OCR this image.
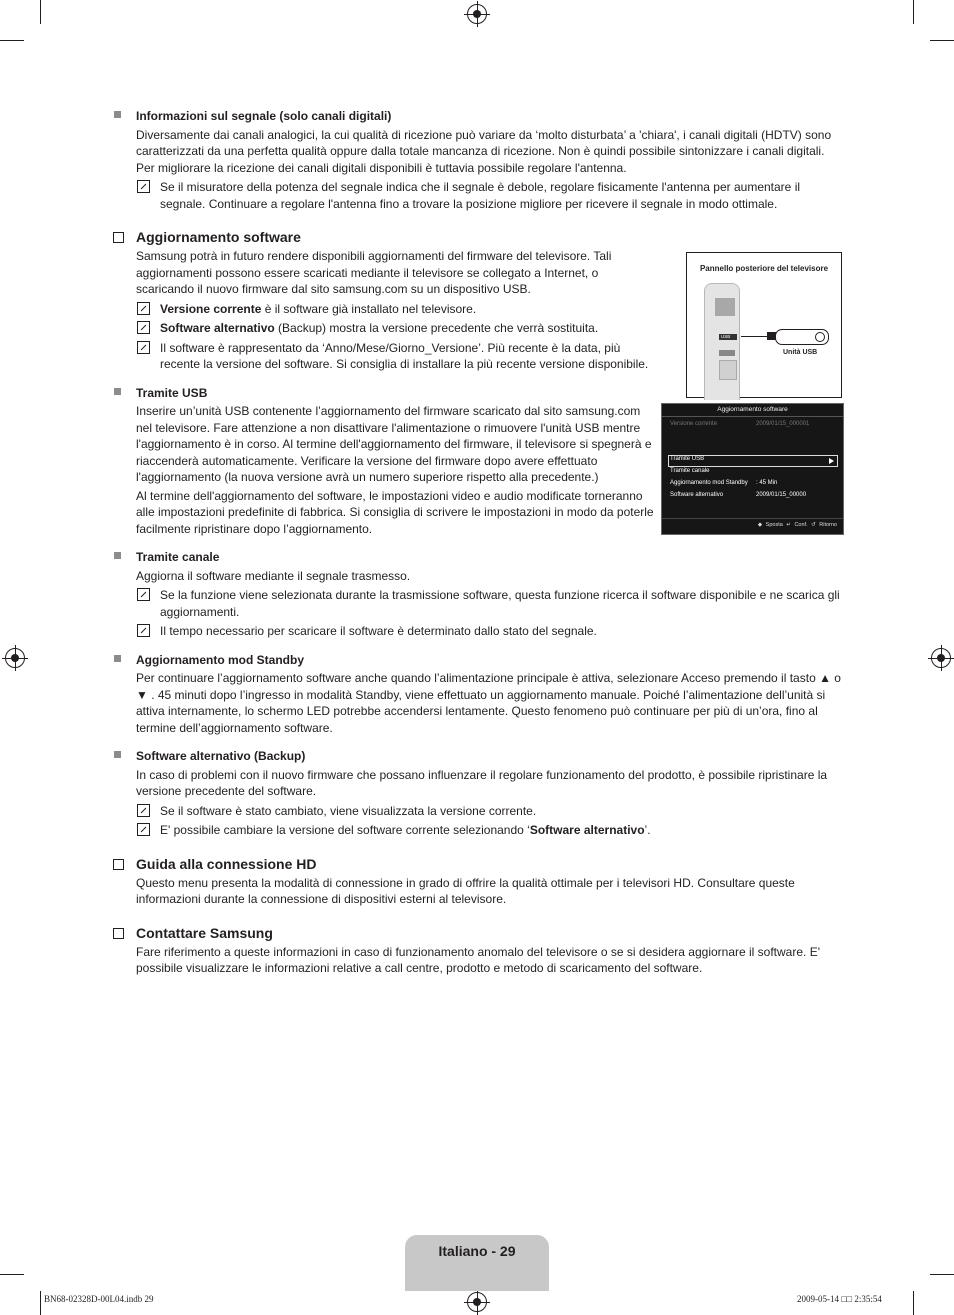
Informazioni sul segnale (solo canali digitali)
Diversamente dai canali analogici, la cui qualità di ricezione può variare da ‘molto disturbata’ a 'chiara', i canali digitali (HDTV) sono caratterizzati da una perfetta qualità oppure dalla totale mancanza di ricezione. Non è quindi possibile sintonizzare i canali digitali. Per migliorare la ricezione dei canali digitali disponibili è tuttavia possibile regolare l'antenna.
Se il misuratore della potenza del segnale indica che il segnale è debole, regolare fisicamente l'antenna per aumentare il segnale. Continuare a regolare l'antenna fino a trovare la posizione migliore per ricevere il segnale in modo ottimale.
Aggiornamento software
Samsung potrà in futuro rendere disponibili aggiornamenti del firmware del televisore. Tali aggiornamenti possono essere scaricati mediante il televisore se collegato a Internet, o scaricando il nuovo firmware dal sito samsung.com su un dispositivo USB.
Versione corrente è il software già installato nel televisore.
Software alternativo (Backup) mostra la versione precedente che verrà sostituita.
Il software è rappresentato da ‘Anno/Mese/Giorno_Versione’. Più recente è la data, più recente la versione del software. Si consiglia di installare la più recente versione disponibile.
Tramite USB
Inserire un’unità USB contenente l’aggiornamento del firmware scaricato dal sito samsung.com nel televisore. Fare attenzione a non disattivare l'alimentazione o rimuovere l'unità USB mentre l'aggiornamento è in corso. Al termine dell'aggiornamento del firmware, il televisore si spegnerà e riaccenderà automaticamente. Verificare la versione del firmware dopo avere effettuato l'aggiornamento (la nuova versione avrà un numero superiore rispetto alla precedente.)
Al termine dell'aggiornamento del software, le impostazioni video e audio modificate torneranno alle impostazioni predefinite di fabbrica. Si consiglia di scrivere le impostazioni in modo da poterle facilmente ripristinare dopo l’aggiornamento.
Tramite canale
Aggiorna il software mediante il segnale trasmesso.
Se la funzione viene selezionata durante la trasmissione software, questa funzione ricerca il software disponibile e ne scarica gli aggiornamenti.
Il tempo necessario per scaricare il software è determinato dallo stato del segnale.
Aggiornamento mod Standby
Per continuare l’aggiornamento software anche quando l’alimentazione principale è attiva, selezionare Acceso premendo il tasto ▲ o ▼ . 45 minuti dopo l’ingresso in modalità Standby, viene effettuato un aggiornamento manuale. Poiché l’alimentazione dell’unità si attiva internamente, lo schermo LED potrebbe accendersi lentamente. Questo fenomeno può continuare per più di un’ora, fino al termine dell’aggiornamento software.
Software alternativo (Backup)
In caso di problemi con il nuovo firmware che possano influenzare il regolare funzionamento del prodotto, è possibile ripristinare la versione precedente del software.
Se il software è stato cambiato, viene visualizzata la versione corrente.
E' possibile cambiare la versione del software corrente selezionando ‘Software alternativo’.
Guida alla connessione HD
Questo menu presenta la modalità di connessione in grado di offrire la qualità ottimale per i televisori HD. Consultare queste informazioni durante la connessione di dispositivi esterni al televisore.
Contattare Samsung
Fare riferimento a queste informazioni in caso di funzionamento anomalo del televisore o se si desidera aggiornare il software. E' possibile visualizzare le informazioni relative a call centre, prodotto e metodo di scaricamento del software.
Pannello posteriore del televisore
USB
Unità USB
Aggiornamento software
Versione corrente	2009/01/15_000001
Tramite USB
Tramite canale
Aggiornamento mod Standby : 45 Min
Software alternativo	2009/01/15_00000
◆ Sposta ↵ Conf. ↺ Ritorno
Italiano - 29
BN68-02328D-00L04.indb 29	2009-05-14 □□ 2:35:54
